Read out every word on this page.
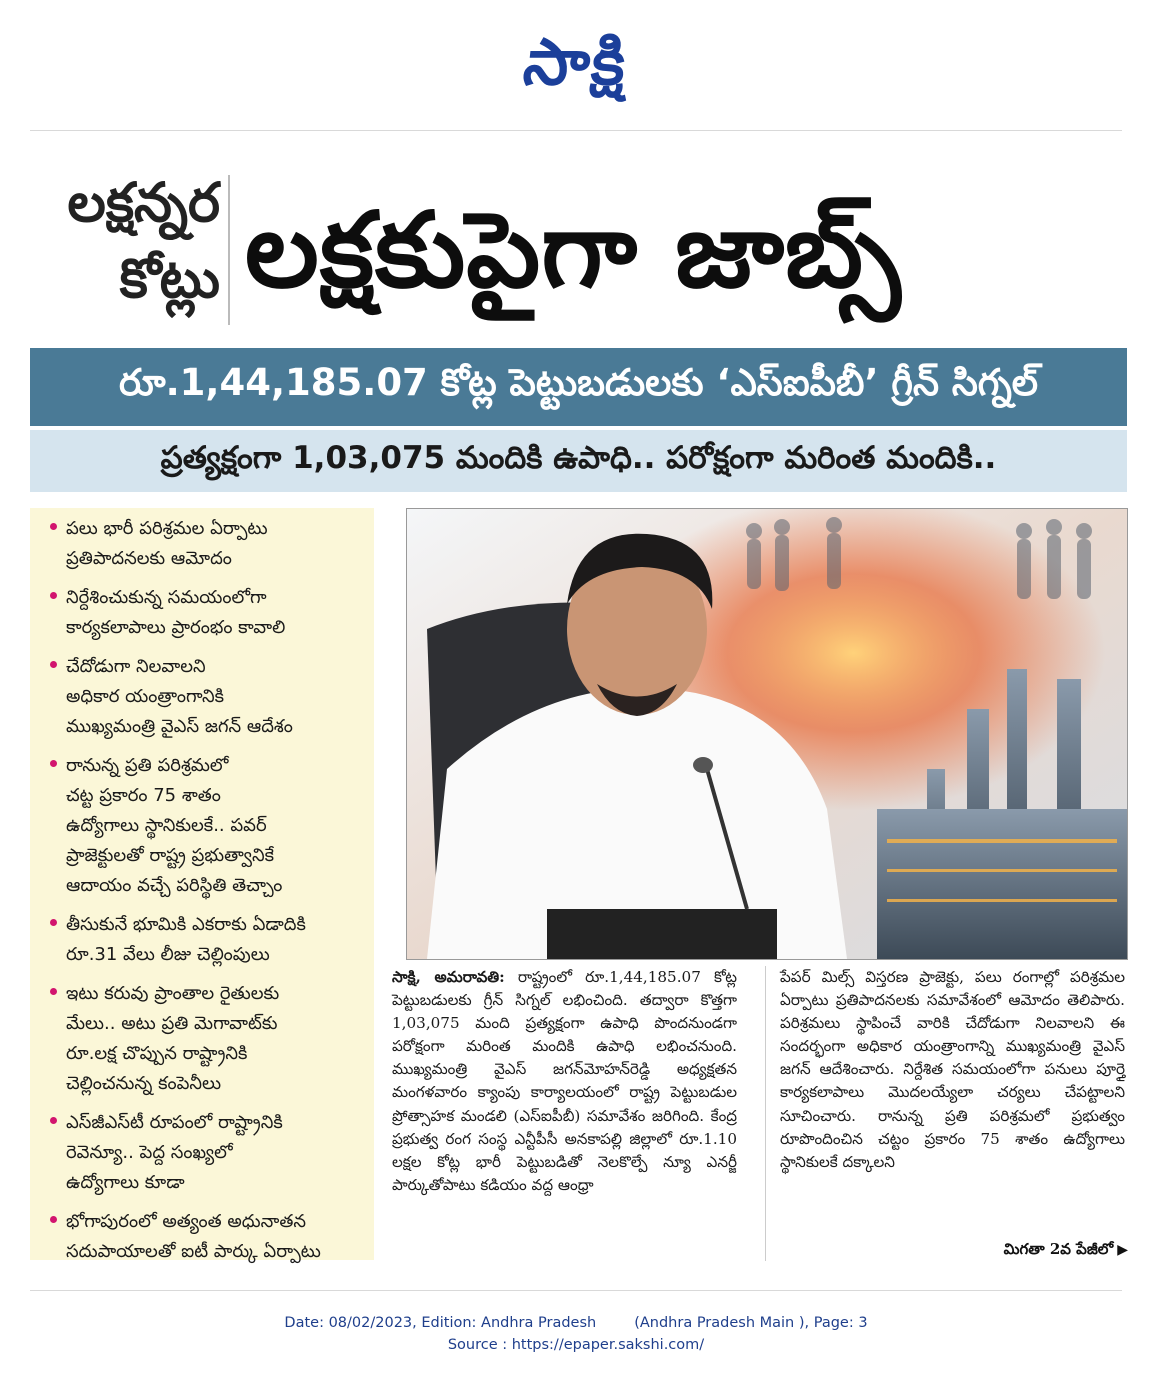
సాక్షి
లక్షన్నర
కోట్లు లక్షకుపైగా జాబ్స్‌
రూ.1,44,185.07 కోట్ల పెట్టుబడులకు ‘ఎస్‌ఐపీబీ’ గ్రీన్‌ సిగ్నల్‌
ప్రత్యక్షంగా 1,03,075 మందికి ఉపాధి.. పరోక్షంగా మరింత మందికి..
పలు భారీ పరిశ్రమల ఏర్పాటు
ప్రతిపాదనలకు ఆమోదం
నిర్దేశించుకున్న సమయంలోగా
కార్యకలాపాలు ప్రారంభం కావాలి
చేదోడుగా నిలవాలని
అధికార యంత్రాంగానికి
ముఖ్యమంత్రి వైఎస్‌ జగన్‌ ఆదేశం
రానున్న ప్రతి పరిశ్రమలో
చట్ట ప్రకారం 75 శాతం
ఉద్యోగాలు స్థానికులకే.. పవర్‌
ప్రాజెక్టులతో రాష్ట్ర ప్రభుత్వానికే
ఆదాయం వచ్చే పరిస్థితి తెచ్చాం
తీసుకునే భూమికి ఎకరాకు ఏడాదికి
రూ.31 వేలు లీజు చెల్లింపులు
ఇటు కరువు ప్రాంతాల రైతులకు
మేలు.. అటు ప్రతి మెగావాట్‌కు
రూ.లక్ష చొప్పున రాష్ట్రానికి
చెల్లించనున్న కంపెనీలు
ఎస్‌జీఎస్‌టీ రూపంలో రాష్ట్రానికి
రెవెన్యూ.. పెద్ద సంఖ్యలో
ఉద్యోగాలు కూడా
భోగాపురంలో అత్యంత అధునాతన
సదుపాయాలతో ఐటీ పార్కు ఏర్పాటు
సాక్షి, అమరావతి: రాష్ట్రంలో రూ.1,44,185.07 కోట్ల పెట్టుబడులకు గ్రీన్‌ సిగ్నల్‌ లభించింది. తద్వారా కొత్తగా 1,03,075 మంది ప్రత్యక్షంగా ఉపాధి పొందనుండగా పరోక్షంగా మరింత మందికి ఉపాధి లభించనుంది. ముఖ్యమంత్రి వైఎస్‌ జగన్‌మోహన్‌రెడ్డి అధ్యక్షతన మంగళవారం క్యాంపు కార్యాలయంలో రాష్ట్ర పెట్టుబడుల ప్రోత్సాహక మండలి (ఎస్‌ఐపీబీ) సమావేశం జరిగింది. కేంద్ర ప్రభుత్వ రంగ సంస్థ ఎన్టీపీసీ అనకాపల్లి జిల్లాలో రూ.1.10 లక్షల కోట్ల భారీ పెట్టుబడితో నెలకొల్పే న్యూ ఎనర్జీ పార్కుతోపాటు కడియం వద్ద ఆంధ్రా
పేపర్‌ మిల్స్‌ విస్తరణ ప్రాజెక్టు, పలు రంగాల్లో పరిశ్రమల ఏర్పాటు ప్రతిపాదనలకు సమావేశంలో ఆమోదం తెలిపారు. పరిశ్రమలు స్థాపించే వారికి చేదోడుగా నిలవాలని ఈ సందర్భంగా అధికార యంత్రాంగాన్ని ముఖ్యమంత్రి వైఎస్‌ జగన్‌ ఆదేశించారు. నిర్దేశిత సమయంలోగా పనులు పూర్తై కార్యకలాపాలు మొదలయ్యేలా చర్యలు చేపట్టాలని సూచించారు. రానున్న ప్రతి పరిశ్రమలో ప్రభుత్వం రూపొందించిన చట్టం ప్రకారం 75 శాతం ఉద్యోగాలు స్థానికులకే దక్కాలని
మిగతా 2వ పేజీలో ▶
Date: 08/02/2023, Edition: Andhra Pradesh	(Andhra Pradesh Main ), Page: 3
Source : https://epaper.sakshi.com/
